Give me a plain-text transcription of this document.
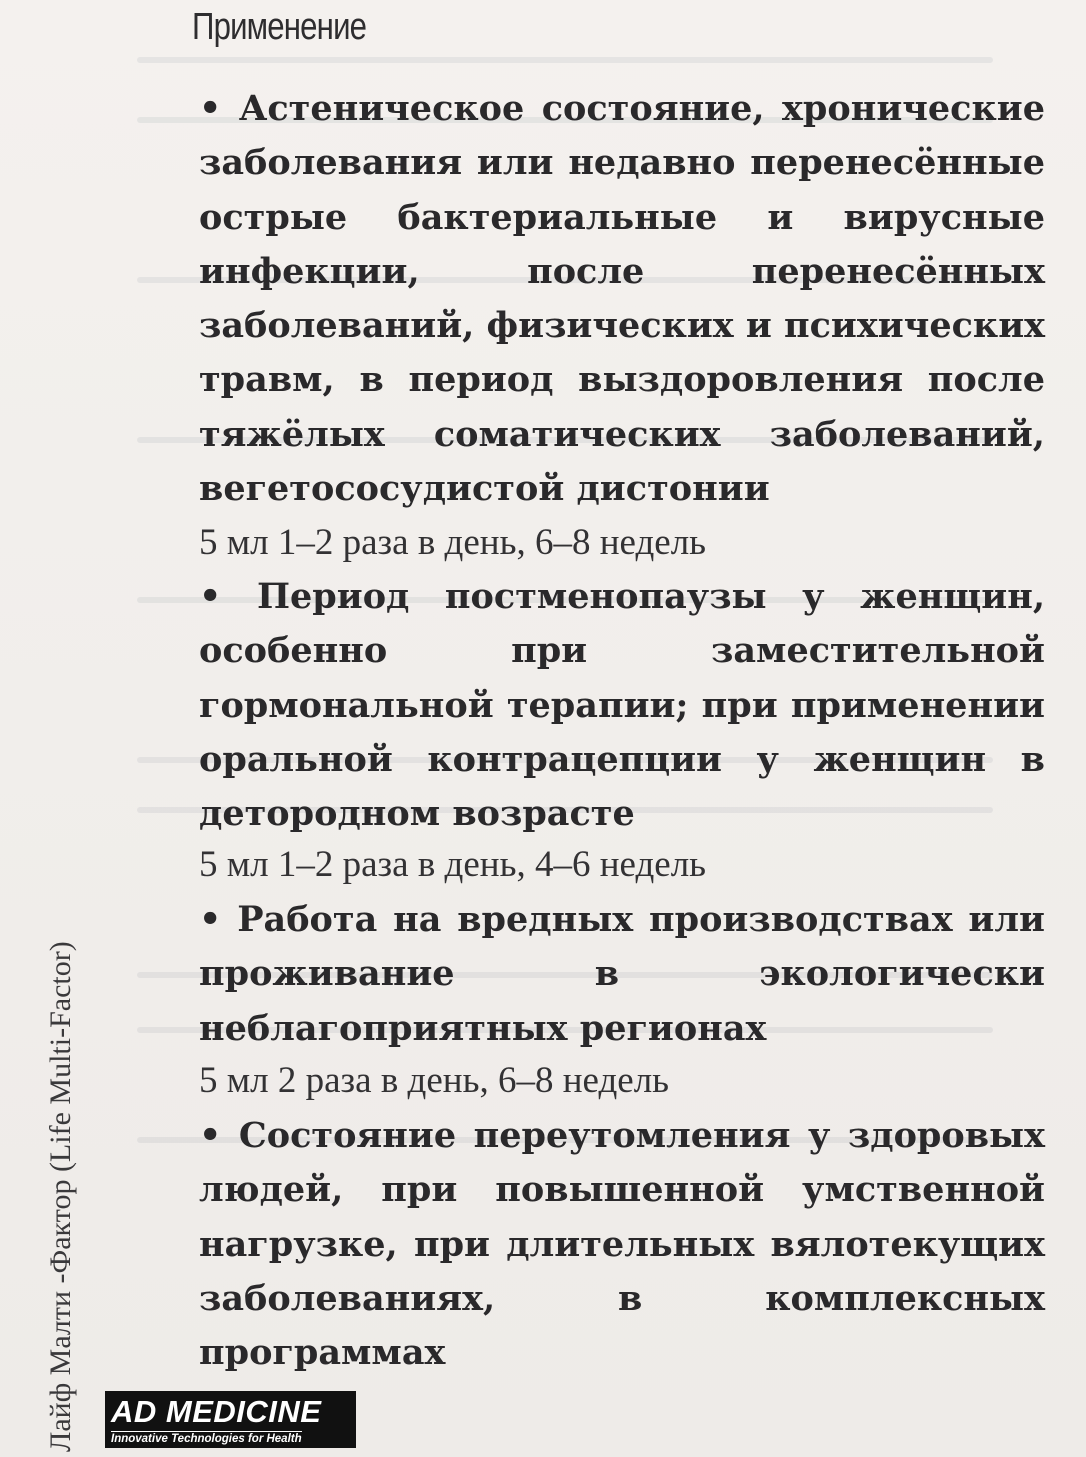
Применение

• Астеническое состояние, хронические заболевания или недавно перенесённые острые бактериальные и вирусные инфекции, после перенесённых заболеваний, физических и психических травм, в период выздоровления после тяжёлых соматических заболеваний, вегетососудистой дистонии

5 мл 1–2 раза в день, 6–8 недель

• Период постменопаузы у женщин, особенно при заместительной гормональной терапии; при применении оральной контрацепции у женщин в детородном возрасте

5 мл 1–2 раза в день, 4–6 недель

• Работа на вредных производствах или проживание в экологически неблагоприятных регионах

5 мл 2 раза в день, 6–8 недель

• Состояние переутомления у здоровых людей, при повышенной умственной нагрузке, при длительных вялотекущих заболеваниях, в комплексных программах

Лайф Малти -Фактор (Life Multi-Factor) AD MEDICINE
Innovative Technologies for Health
